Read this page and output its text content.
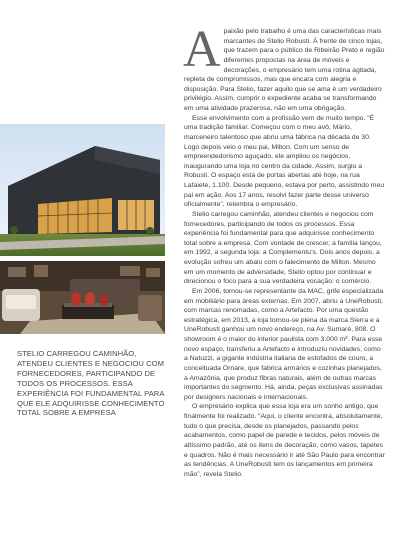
STELIO CARREGOU CAMINHÃO, ATENDEU CLIENTES E NEGOCIOU COM FORNECEDORES, PARTICIPANDO DE TODOS OS PROCESSOS. ESSA EXPERIÊNCIA FOI FUNDAMENTAL PARA QUE ELE ADQUIRISSE CONHECIMENTO TOTAL SOBRE A EMPRESA
A paixão pelo trabalho é uma das características mais marcantes de Stelio Robusti. À frente de cinco lojas, que trazem para o público de Ribeirão Preto e região diferentes propostas na área de móveis e decorações, o empresário tem uma rotina agitada, repleta de compromissos, mas que encara com alegria e disposição. Para Stelio, fazer aquilo que se ama é um verdadeiro privilégio. Assim, cumprir o expediente acaba se transformando em uma atividade prazerosa, não em uma obrigação.

Esse envolvimento com a profissão vem de muito tempo. “É uma tradição familiar. Começou com o meu avô, Mário, marceneiro talentoso que abriu uma fábrica na década de 30. Logo depois veio o meu pai, Milton. Com um senso de empreendedorismo aguçado, ele ampliou os negócios, inaugurando uma loja no centro da cidade. Assim, surgiu a Robusti. O espaço está de portas abertas até hoje, na rua Lafaiete, 1.100. Desde pequeno, estava por perto, assistindo meu pai em ação. Aos 17 anos, resolvi fazer parte desse universo oficialmente”, relembra o empresário.

Stelio carregou caminhão, atendeu clientes e negociou com fornecedores, participando de todos os processos. Essa experiência foi fundamental para que adquirisse conhecimento total sobre a empresa. Com vontade de crescer, a família lançou, em 1992, a segunda loja: a Complementu’s. Dois anos depois, a evolução sofreu um abalo com o falecimento de Milton. Mesmo em um momento de adversidade, Stelio optou por continuar e direcionou o foco para a sua verdadeira vocação: o comércio.

Em 2006, tornou-se representante da MAC, grife especializada em mobiliário para áreas externas. Em 2007, abriu a UneRobusti, com marcas renomadas, como a Artefacto. Por uma questão estratégica, em 2013, a loja tornou-se plena da marca Sierra e a UneRobusti ganhou um novo endereço, na Av. Sumaré, 808. O showroom é o maior do interior paulista com 3.000 m². Para esse novo espaço, transferiu a Artefacto e introduziu novidades, como a Natuzzi, a gigante indústria italiana de estofados de couro, a conceituada Ornare, que fabrica armários e cozinhas planejados, a Amazônia, que produz fibras naturais, além de outras marcas importantes do segmento. Há, ainda, peças exclusivas assinadas por designers nacionais e internacionais.

O empresário explica que essa loja era um sonho antigo, que finalmente foi realizado. “Aqui, o cliente encontra, absolutamente, tudo o que precisa, desde os planejados, passando pelos acabamentos, como papel de parede e tecidos, pelos móveis de altíssimo padrão, até os itens de decoração, como vasos, tapetes e quadros. Não é mais necessário ir até São Paulo para encontrar as tendências. A UneRobusti tem os lançamentos em primeira mão”, revela Stelio.
